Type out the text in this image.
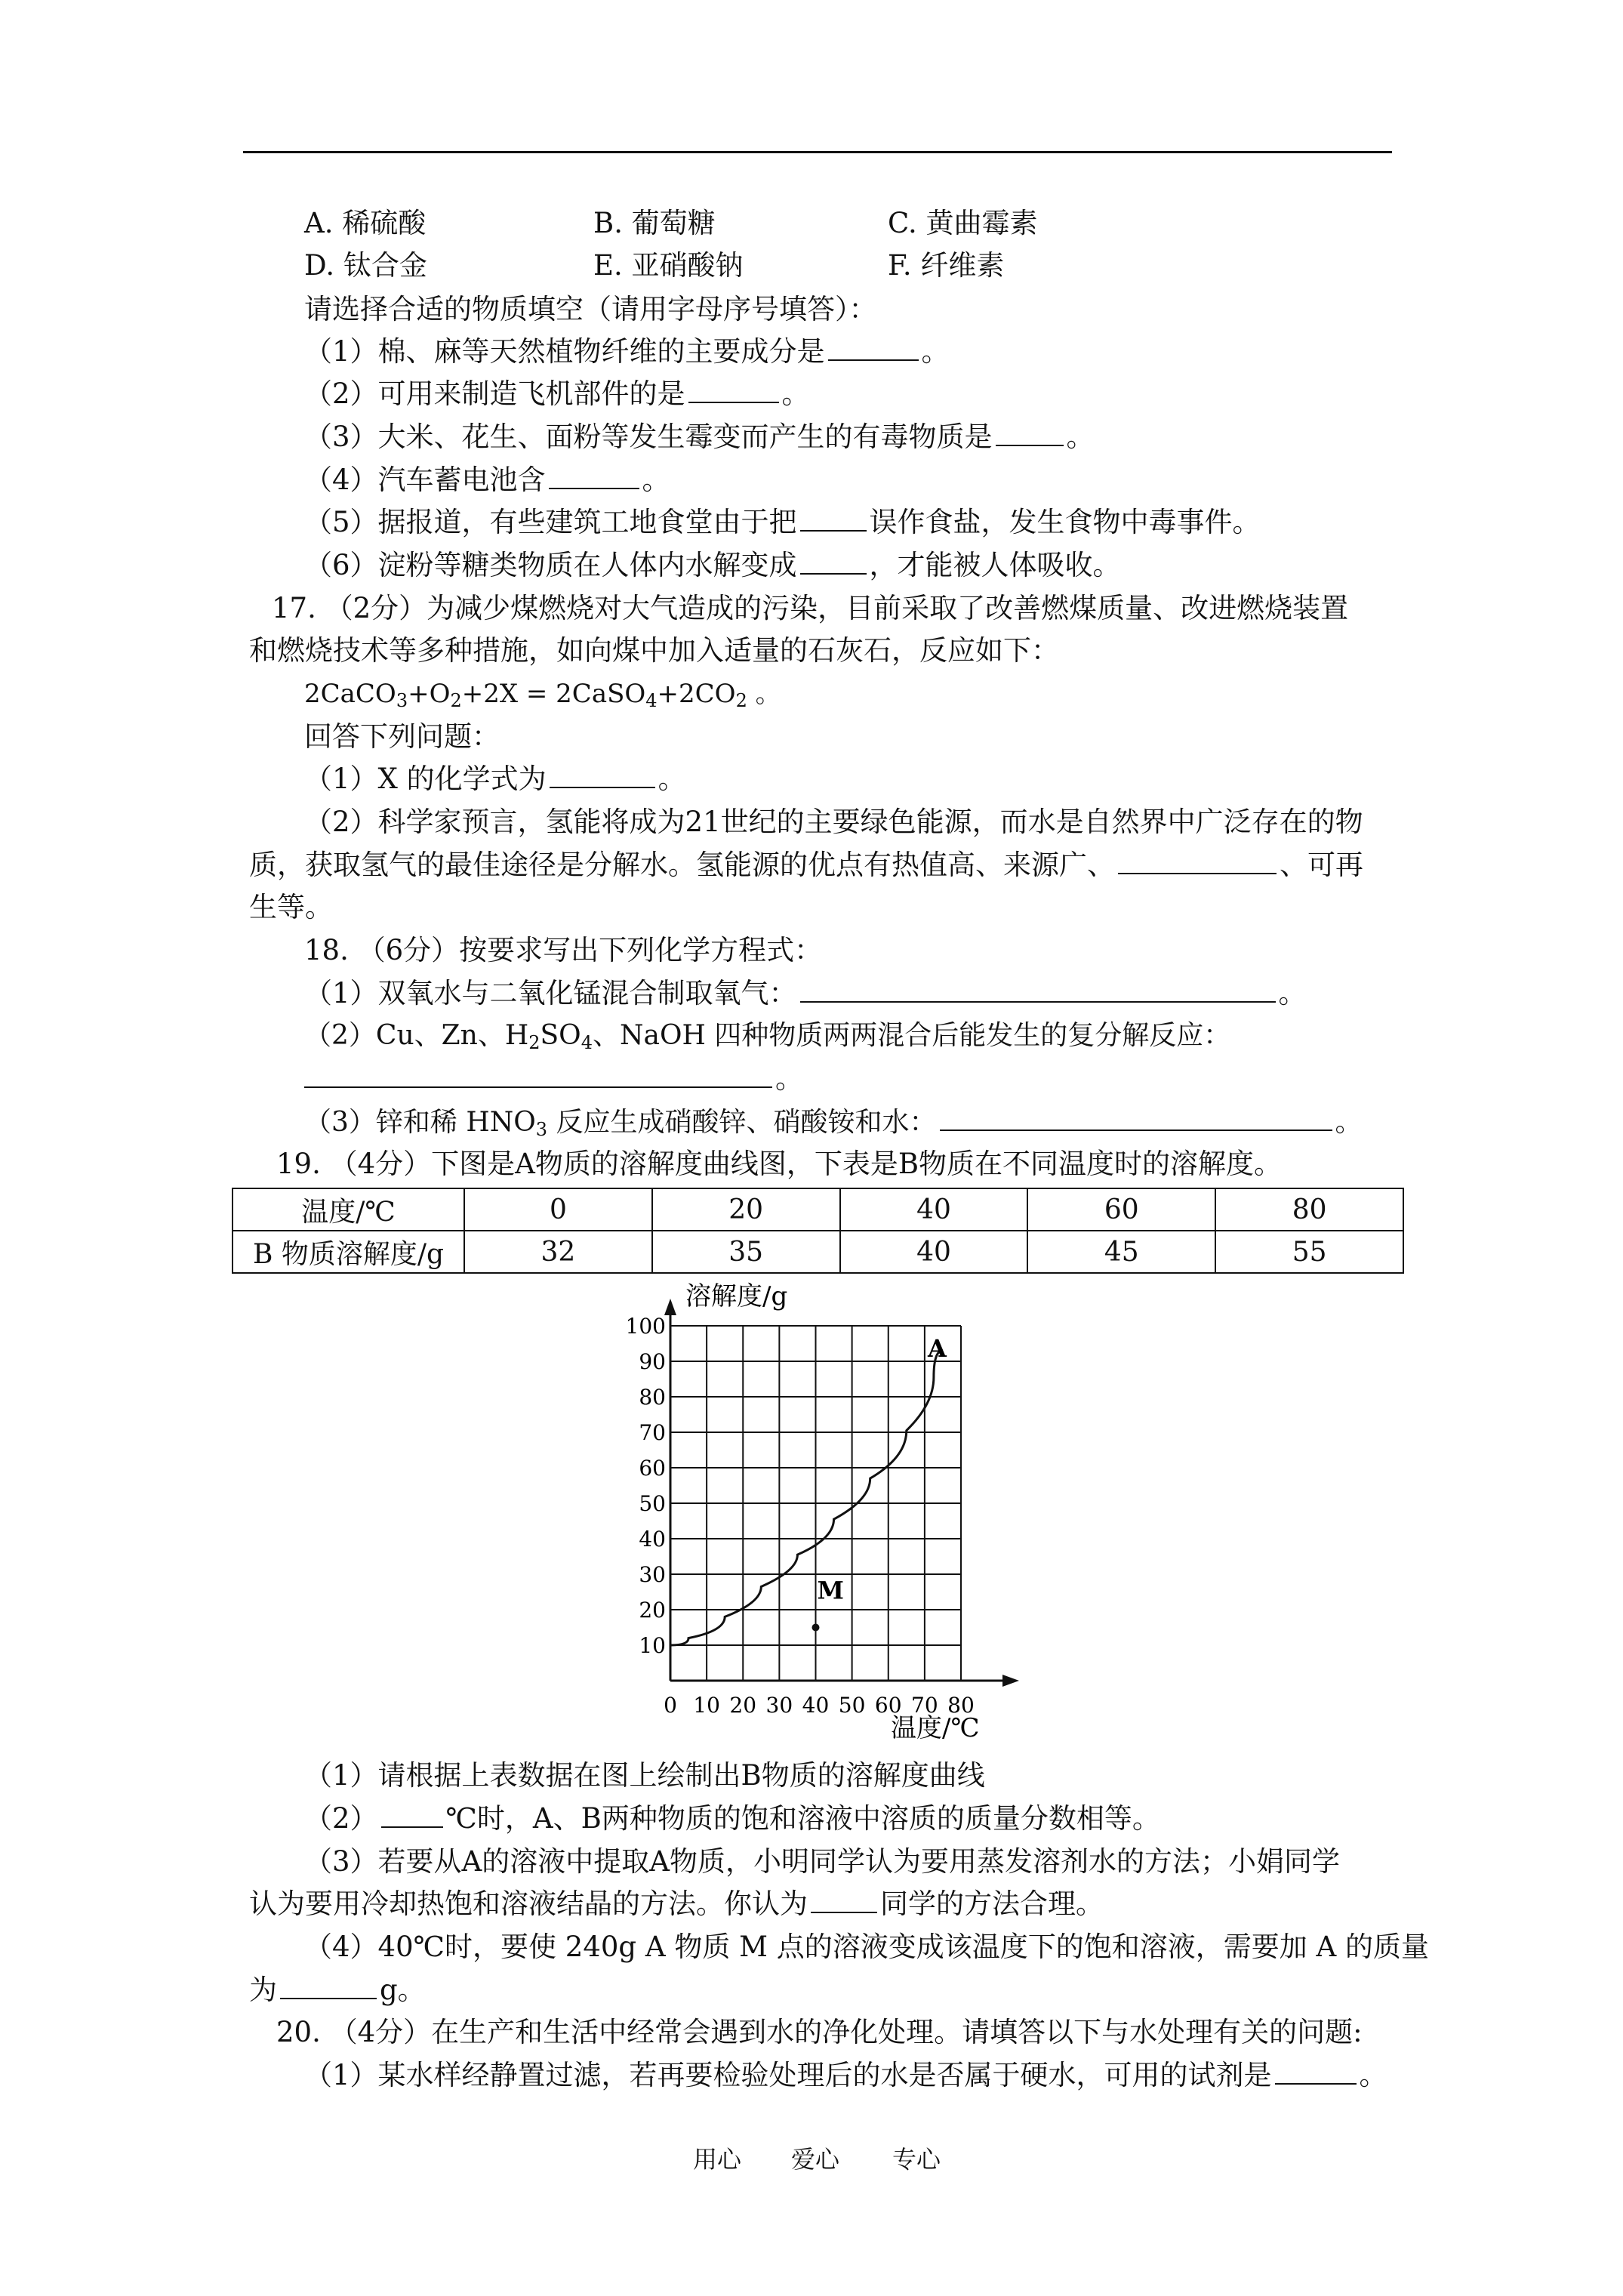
A. 稀硫酸	B. 葡萄糖	C. 黄曲霉素
D. 钛合金	E. 亚硝酸钠	F. 纤维素
请选择合适的物质填空（请用字母序号填答）：
（1）棉、麻等天然植物纤维的主要成分是	。
（2）可用来制造飞机部件的是	。
（3）大米、花生、面粉等发生霉变而产生的有毒物质是	。
（4）汽车蓄电池含	。
（5）据报道，有些建筑工地食堂由于把	误作食盐，发生食物中毒事件。
（6）淀粉等糖类物质在人体内水解变成	，才能被人体吸收。
17. （2分）为减少煤燃烧对大气造成的污染，目前采取了改善燃煤质量、改进燃烧装置
和燃烧技术等多种措施，如向煤中加入适量的石灰石，反应如下：
$2CaCO_3+O_2+2X$ = $2CaSO_4+2CO_2$ 。
回答下列问题：
（1）X 的化学式为	。
（2）科学家预言，氢能将成为21世纪的主要绿色能源，而水是自然界中广泛存在的物
质，获取氢气的最佳途径是分解水。氢能源的优点有热值高、来源广、	、可再
生等。
18. （6分）按要求写出下列化学方程式：
（1）双氧水与二氧化锰混合制取氧气：	。
（2）Cu、Zn、$H_2SO_4$、NaOH 四种物质两两混合后能发生的复分解反应：
。
（3）锌和稀 $HNO_3$ 反应生成硝酸锌、硝酸铵和水：	。
19. （4分）下图是A物质的溶解度曲线图，下表是B物质在不同温度时的溶解度。
温度/℃	0	20	40	60	80
B 物质溶解度/g	32	35	40	45	55
0 10 20 30 40 50 60 70 80
10
20
30
40
50
60
70
80
90
100
A
M
溶解度/g
温度/℃
（1）请根据上表数据在图上绘制出B物质的溶解度曲线
（2） ℃时，A、B两种物质的饱和溶液中溶质的质量分数相等。
（3）若要从A的溶液中提取A物质，小明同学认为要用蒸发溶剂水的方法；小娟同学
认为要用冷却热饱和溶液结晶的方法。你认为	同学的方法合理。
（4）40℃时，要使 240g A 物质 M 点的溶液变成该温度下的饱和溶液，需要加 A 的质量
为	g。
20. （4分）在生产和生活中经常会遇到水的净化处理。请填答以下与水处理有关的问题:
（1）某水样经静置过滤，若再要检验处理后的水是否属于硬水，可用的试剂是	。
用心 爱心 专心
